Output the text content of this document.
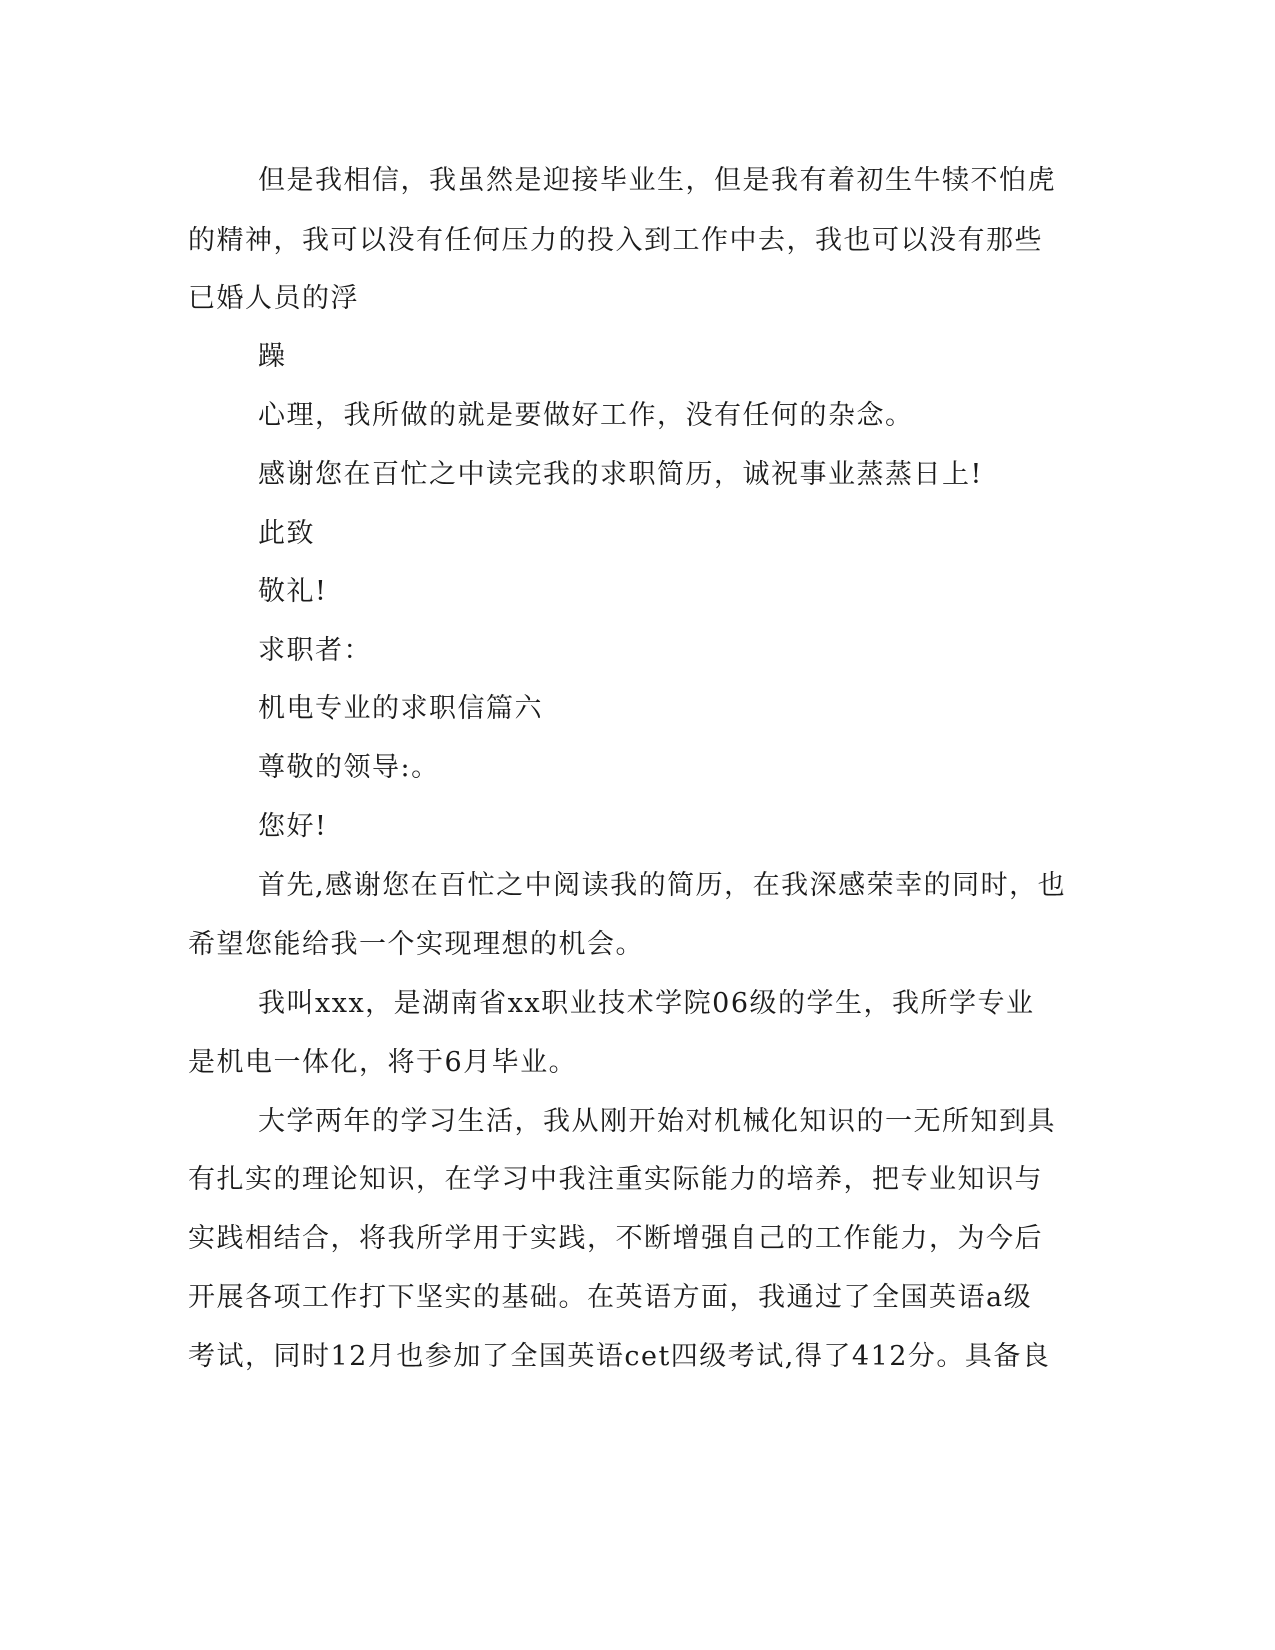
但是我相信，我虽然是迎接毕业生，但是我有着初生牛犊不怕虎
的精神，我可以没有任何压力的投入到工作中去，我也可以没有那些
已婚人员的浮
躁
心理，我所做的就是要做好工作，没有任何的杂念。
感谢您在百忙之中读完我的求职简历，诚祝事业蒸蒸日上!
此致
敬礼!
求职者：
机电专业的求职信篇六
尊敬的领导:。
您好!
首先,感谢您在百忙之中阅读我的简历，在我深感荣幸的同时，也
希望您能给我一个实现理想的机会。
我叫xxx，是湖南省xx职业技术学院06级的学生，我所学专业
是机电一体化，将于6月毕业。
大学两年的学习生活，我从刚开始对机械化知识的一无所知到具
有扎实的理论知识，在学习中我注重实际能力的培养，把专业知识与
实践相结合，将我所学用于实践，不断增强自己的工作能力，为今后
开展各项工作打下坚实的基础。在英语方面，我通过了全国英语a级
考试，同时12月也参加了全国英语cet四级考试,得了412分。具备良
